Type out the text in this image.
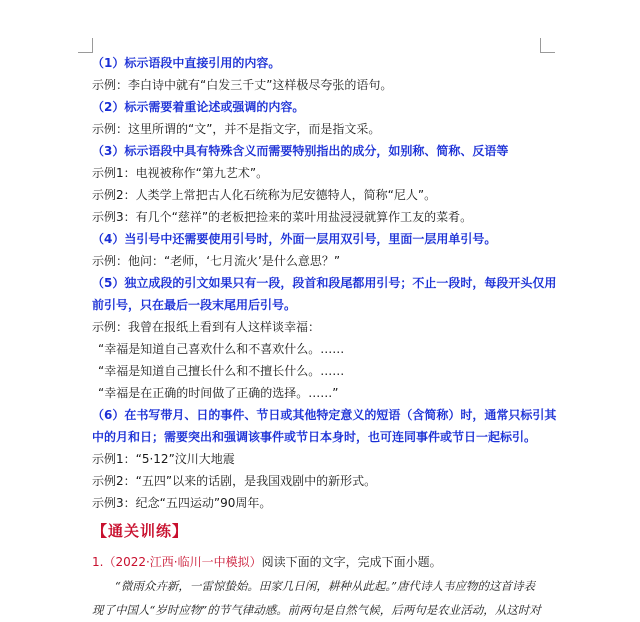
（1）标示语段中直接引用的内容。
示例：李白诗中就有“白发三千丈”这样极尽夸张的语句。
（2）标示需要着重论述或强调的内容。
示例：这里所谓的“文”，并不是指文字，而是指文采。
（3）标示语段中具有特殊含义而需要特别指出的成分，如别称、简称、反语等
示例1：电视被称作“第九艺术”。
示例2：人类学上常把古人化石统称为尼安德特人，简称“尼人”。
示例3：有几个“慈祥”的老板把捡来的菜叶用盐浸浸就算作工友的菜肴。
（4）当引号中还需要使用引号时，外面一层用双引号，里面一层用单引号。
示例：他问：“老师，‘七月流火’是什么意思？”
（5）独立成段的引文如果只有一段，段首和段尾都用引号；不止一段时，每段开头仅用
前引号，只在最后一段末尾用后引号。
示例：我曾在报纸上看到有人这样谈幸福：
“幸福是知道自己喜欢什么和不喜欢什么。……
“幸福是知道自己擅长什么和不擅长什么。……
“幸福是在正确的时间做了正确的选择。……”
（6）在书写带月、日的事件、节日或其他特定意义的短语（含简称）时，通常只标引其
中的月和日；需要突出和强调该事件或节日本身时，也可连同事件或节日一起标引。
示例1：“5·12”汶川大地震
示例2：“五四”以来的话剧，是我国戏剧中的新形式。
示例3：纪念“五四运动”90周年。
【通关训练】
1.（2022·江西·临川一中模拟）阅读下面的文字，完成下面小题。
“微雨众卉新，一雷惊蛰始。田家几日闲，耕种从此起。”唐代诗人韦应物的这首诗表
现了中国人“岁时应物”的节气律动感。前两句是自然气候，后两句是农业活动，从这时对
